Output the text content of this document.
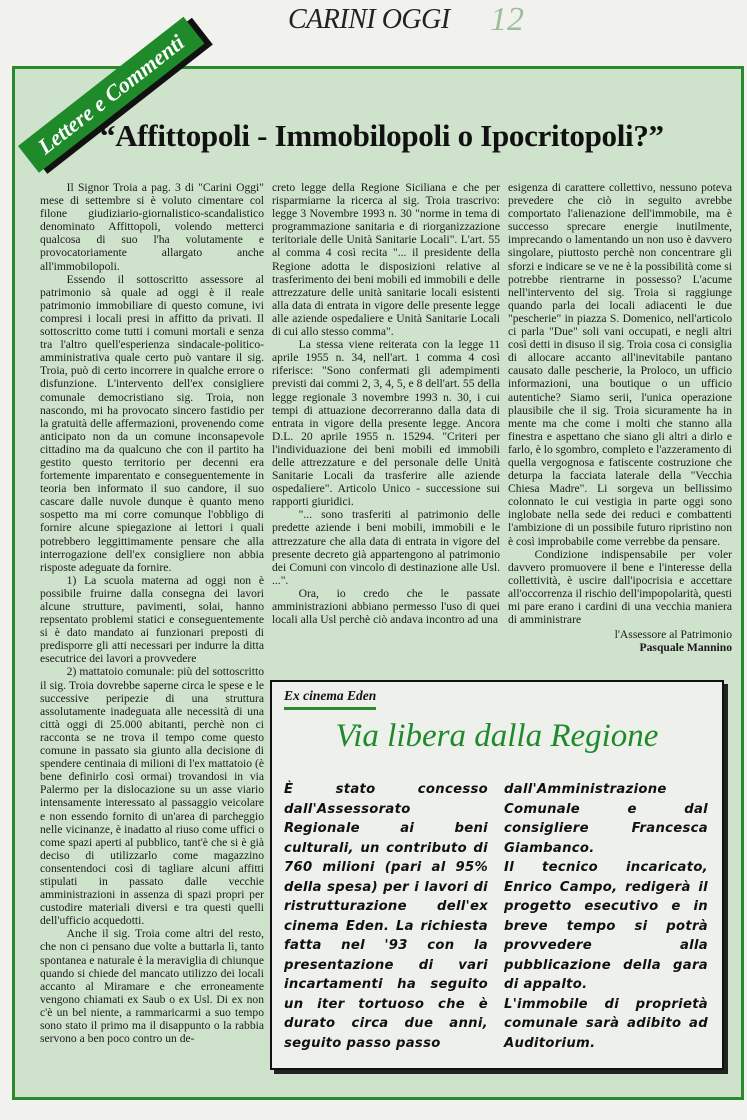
CARINI OGGI 12
Lettere e Commenti
“Affittopoli - Immobilopoli o Ipocritopoli?”

Il Signor Troia a pag. 3 di "Carini Oggi" mese di settembre si è voluto cimentare col filone giudiziario-giornalistico-scandalistico denominato Affittopoli, volendo metterci qualcosa di suo l'ha volutamente e provocatoriamente allargato anche all'immobilopoli.

Essendo il sottoscritto assessore al patrimonio sà quale ad oggi è il reale patrimonio immobiliare di questo comune, ivi compresi i locali presi in affitto da privati. Il sottoscritto come tutti i comuni mortali e senza tra l'altro quell'esperienza sindacale-politico-amministrativa quale certo può vantare il sig. Troia, può di certo incorrere in qualche errore o disfunzione. L'intervento dell'ex consigliere comunale democristiano sig. Troia, non nascondo, mi ha provocato sincero fastidio per la gratuità delle affermazioni, provenendo come anticipato non da un comune inconsapevole cittadino ma da qualcuno che con il partito ha gestito questo territorio per decenni era fortemente imparentato e conseguentemente in teoria ben informato il suo candore, il suo cascare dalle nuvole dunque è quanto meno sospetto ma mi corre comunque l'obbligo di fornire alcune spiegazione ai lettori i quali potrebbero leggittimamente pensare che alla interrogazione dell'ex consigliere non abbia risposte adeguate da fornire.

1) La scuola materna ad oggi non è possibile fruirne dalla consegna dei lavori alcune strutture, pavimenti, solai, hanno repsentato problemi statici e conseguentemente si è dato mandato ai funzionari preposti di predisporre gli atti necessari per indurre la ditta esecutrice dei lavori a provvedere

2) mattatoio comunale: più del sottoscritto il sig. Troia dovrebbe saperne circa le spese e le successive peripezie di una struttura assolutamente inadeguata alle necessità di una città oggi di 25.000 abitanti, perchè non ci racconta se ne trova il tempo come questo comune in passato sia giunto alla decisione di spendere centinaia di milioni di l'ex mattatoio (è bene definirlo così ormai) trovandosi in via Palermo per la dislocazione su un asse viario intensamente interessato al passaggio veicolare e non essendo fornito di un'area di parcheggio nelle vicinanze, è inadatto al riuso come uffici o come spazi aperti al pubblico, tant'è che si è già deciso di utilizzarlo come magazzino consentendoci così di tagliare alcuni affitti stipulati in passato dalle vecchie amministrazioni in assenza di spazi propri per custodire materiali diversi e tra questi quelli dell'ufficio acquedotti.

Anche il sig. Troia come altri del resto, che non ci pensano due volte a buttarla lì, tanto spontanea e naturale è la meraviglia di chiunque quando si chiede del mancato utilizzo dei locali accanto al Miramare e che erroneamente vengono chiamati ex Saub o ex Usl. Di ex non c'è un bel niente, a rammaricarmi a suo tempo sono stato il primo ma il disappunto o la rabbia servono a ben poco contro un de-

creto legge della Regione Siciliana e che per risparmiarne la ricerca al sig. Troia trascrivo: legge 3 Novembre 1993 n. 30 "norme in tema di programmazione sanitaria e di riorganizzazione teritoriale delle Unità Sanitarie Locali". L'art. 55 al comma 4 così recita "... il presidente della Regione adotta le disposizioni relative al trasferimento dei beni mobili ed immobili e delle attrezzature delle unità sanitarie locali esistenti alla data di entrata in vigore delle presente legge alle aziende ospedaliere e Unità Sanitarie Locali di cui allo stesso comma".

La stessa viene reiterata con la legge 11 aprile 1955 n. 34, nell'art. 1 comma 4 così riferisce: "Sono confermati gli adempimenti previsti dai commi 2, 3, 4, 5, e 8 dell'art. 55 della legge regionale 3 novembre 1993 n. 30, i cui tempi di attuazione decorreranno dalla data di entrata in vigore della presente legge. Ancora D.L. 20 aprile 1955 n. 15294. "Criteri per l'individuazione dei beni mobili ed immobili delle attrezzature e del personale delle Unità Sanitarie Locali da trasferire alle aziende ospedaliere". Articolo Unico - successione sui rapporti giuridici.

"... sono trasferiti al patrimonio delle predette aziende i beni mobili, immobili e le attrezzature che alla data di entrata in vigore del presente decreto già appartengono al patrimonio dei Comuni con vincolo di destinazione alle Usl. ...".

Ora, io credo che le passate amministrazioni abbiano permesso l'uso di quei locali alla Usl perchè ciò andava incontro ad una

esigenza di carattere collettivo, nessuno poteva prevedere che ciò in seguito avrebbe comportato l'alienazione dell'immobile, ma è successo sprecare energie inutilmente, imprecando o lamentando un non uso è davvero singolare, piuttosto perchè non concentrare gli sforzi e indicare se ve ne è la possibilità come si potrebbe rientrarne in possesso? L'acume nell'intervento del sig. Troia si raggiunge quando parla dei locali adiacenti le due "pescherie" in piazza S. Domenico, nell'articolo ci parla "Due" soli vani occupati, e negli altri così detti in disuso il sig. Troia cosa ci consiglia di allocare accanto all'inevitabile pantano causato dalle pescherie, la Proloco, un ufficio informazioni, una boutique o un ufficio autentiche? Siamo serii, l'unica operazione plausibile che il sig. Troia sicuramente ha in mente ma che come i molti che stanno alla finestra e aspettano che siano gli altri a dirlo e farlo, è lo sgombro, completo e l'azzeramento di quella vergognosa e fatiscente costruzione che deturpa la facciata laterale della "Vecchia Chiesa Madre". Li sorgeva un bellissimo colonnato le cui vestigia in parte oggi sono inglobate nella sede dei reduci e combattenti l'ambizione di un possibile futuro ripristino non è così improbabile come verrebbe da pensare.

Condizione indispensabile per voler davvero promuovere il bene e l'interesse della collettività, è uscire dall'ipocrisia e accettare all'occorrenza il rischio dell'impopolarità, questi mi pare erano i cardini di una vecchia maniera di amministrare

l'Assessore al Patrimonio
Pasquale Mannino
Ex cinema Eden
Via libera dalla Regione

È stato concesso dall'Assessorato Regionale ai beni culturali, un contributo di 760 milioni (pari al 95% della spesa) per i lavori di ristrutturazione dell'ex cinema Eden. La richiesta fatta nel '93 con la presentazione di vari incartamenti ha seguito un iter tortuoso che è durato circa due anni, seguito passo passo

dall'Amministrazione Comunale e dal consigliere Francesca Giambanco.

Il tecnico incaricato, Enrico Campo, redigerà il progetto esecutivo e in breve tempo si potrà provvedere alla pubblicazione della gara di appalto.

L'immobile di proprietà comunale sarà adibito ad Auditorium.
